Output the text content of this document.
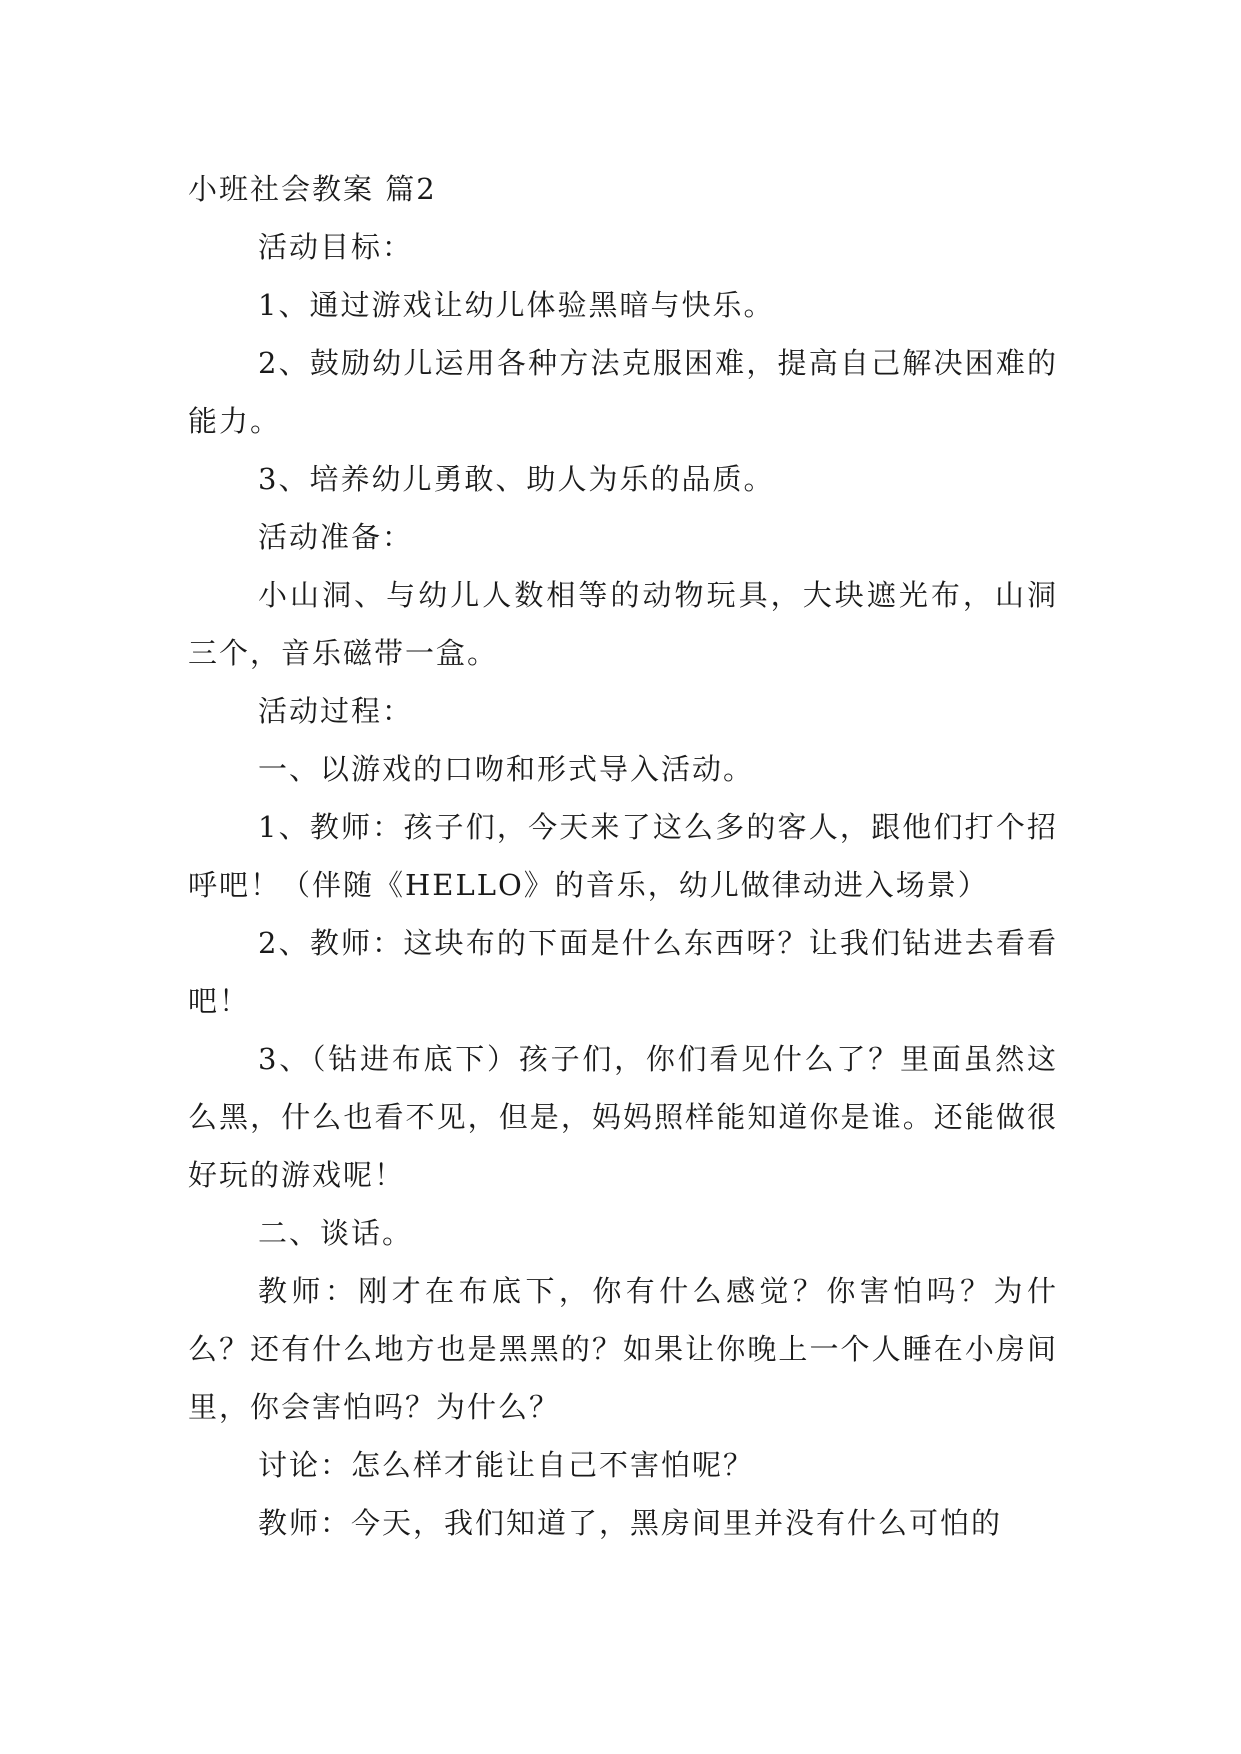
小班社会教案 篇2

活动目标：

1、通过游戏让幼儿体验黑暗与快乐。

2、鼓励幼儿运用各种方法克服困难，提高自己解决困难的能力。

3、培养幼儿勇敢、助人为乐的品质。

活动准备：

小山洞、与幼儿人数相等的动物玩具，大块遮光布，山洞三个，音乐磁带一盒。

活动过程：

一、以游戏的口吻和形式导入活动。

1、教师：孩子们，今天来了这么多的客人，跟他们打个招呼吧！（伴随《HELLO》的音乐，幼儿做律动进入场景）

2、教师：这块布的下面是什么东西呀？让我们钻进去看看吧！

3、（钻进布底下）孩子们，你们看见什么了？里面虽然这么黑，什么也看不见，但是，妈妈照样能知道你是谁。还能做很好玩的游戏呢！

二、谈话。

教师：刚才在布底下，你有什么感觉？你害怕吗？为什么？还有什么地方也是黑黑的？如果让你晚上一个人睡在小房间里，你会害怕吗？为什么？

讨论：怎么样才能让自己不害怕呢？

教师：今天，我们知道了，黑房间里并没有什么可怕的
